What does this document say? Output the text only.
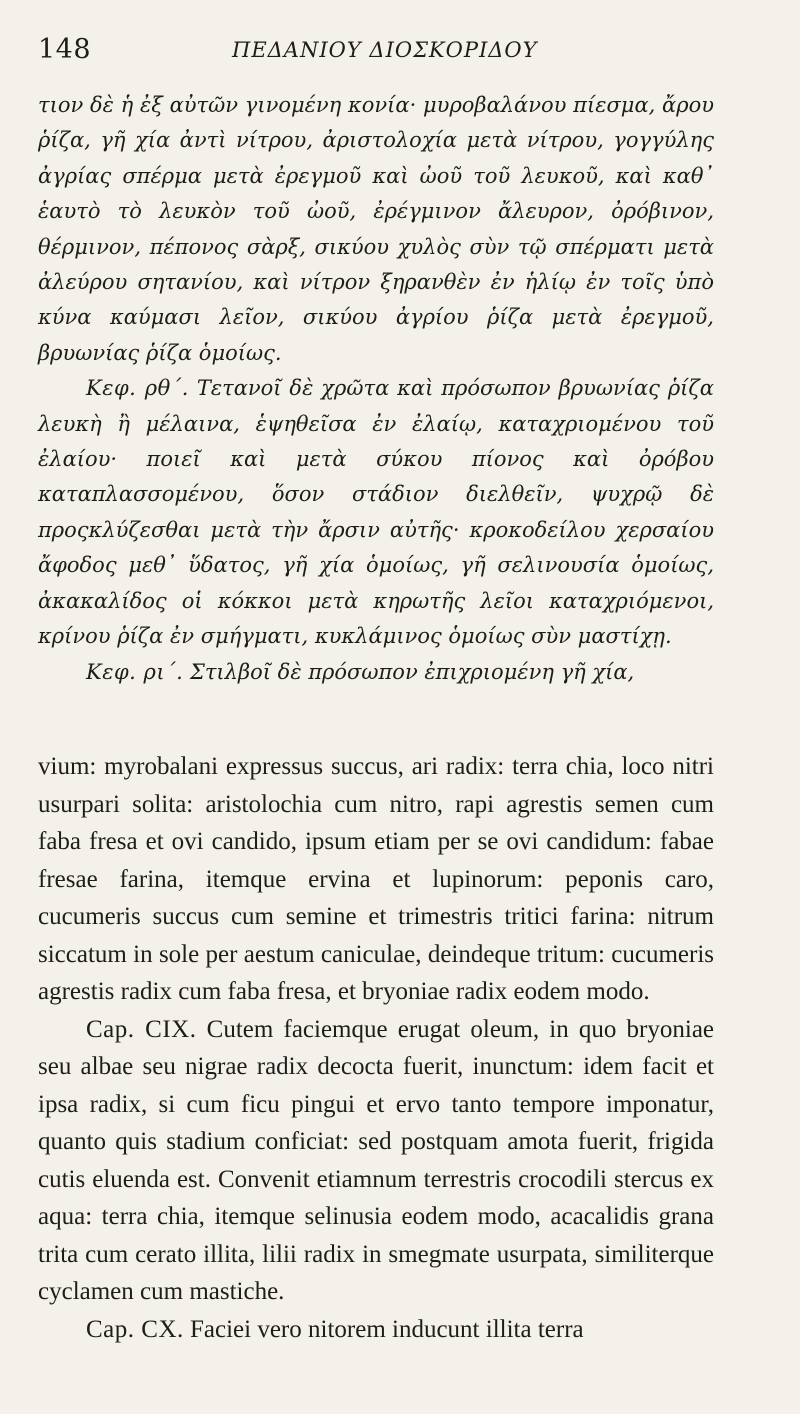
148	ΠΕΔΑΝΙΟΥ ΔΙΟΣΚΟΡΙΔΟΥ

τιον δὲ ἡ ἐξ αὐτῶν γινομένη κονία· μυροβαλάνου πίεσμα, ἄρου ῥίζα, γῆ χία ἀντὶ νίτρου, ἀριστολοχία μετὰ νίτρου, γογγύλης ἀγρίας σπέρμα μετὰ ἐρεγμοῦ καὶ ὠοῦ τοῦ λευκοῦ, καὶ καθ᾽ ἑαυτὸ τὸ λευκὸν τοῦ ὠοῦ, ἐρέγμινον ἄλευρον, ὀρόβινον, θέρμινον, πέπονος σὰρξ, σικύου χυλὸς σὺν τῷ σπέρματι μετὰ ἀλεύρου σητανίου, καὶ νίτρον ξηρανθὲν ἐν ἡλίῳ ἐν τοῖς ὑπὸ κύνα καύμασι λεῖον, σικύου ἀγρίου ῥίζα μετὰ ἐρεγμοῦ, βρυωνίας ῥίζα ὁμοίως.

Κεφ. ρθ΄. Τετανοῖ δὲ χρῶτα καὶ πρόσωπον βρυωνίας ῥίζα λευκὴ ἢ μέλαινα, ἑψηθεῖσα ἐν ἐλαίῳ, καταχριομένου τοῦ ἐλαίου· ποιεῖ καὶ μετὰ σύκου πίονος καὶ ὀρόβου καταπλασσομένου, ὅσον στάδιον διελθεῖν, ψυχρῷ δὲ προςκλύζεσθαι μετὰ τὴν ἄρσιν αὐτῆς· κροκοδείλου χερσαίου ἄφοδος μεθ᾽ ὕδατος, γῆ χία ὁμοίως, γῆ σελινουσία ὁμοίως, ἀκακαλίδος οἱ κόκκοι μετὰ κηρωτῆς λεῖοι καταχριόμενοι, κρίνου ῥίζα ἐν σμήγματι, κυκλάμινος ὁμοίως σὺν μαστίχῃ.

Κεφ. ρι΄. Στιλβοῖ δὲ πρόσωπον ἐπιχριομένη γῆ χία,

vium: myrobalani expressus succus, ari radix: terra chia, loco nitri usurpari solita: aristolochia cum nitro, rapi agrestis semen cum faba fresa et ovi candido, ipsum etiam per se ovi candidum: fabae fresae farina, itemque ervina et lupinorum: peponis caro, cucumeris succus cum semine et trimestris tritici farina: nitrum siccatum in sole per aestum caniculae, deindeque tritum: cucumeris agrestis radix cum faba fresa, et bryoniae radix eodem modo.

Cap. CIX. Cutem faciemque erugat oleum, in quo bryoniae seu albae seu nigrae radix decocta fuerit, inunctum: idem facit et ipsa radix, si cum ficu pingui et ervo tanto tempore imponatur, quanto quis stadium conficiat: sed postquam amota fuerit, frigida cutis eluenda est. Convenit etiamnum terrestris crocodili stercus ex aqua: terra chia, itemque selinusia eodem modo, acacalidis grana trita cum cerato illita, lilii radix in smegmate usurpata, similiterque cyclamen cum mastiche.

Cap. CX. Faciei vero nitorem inducunt illita terra
